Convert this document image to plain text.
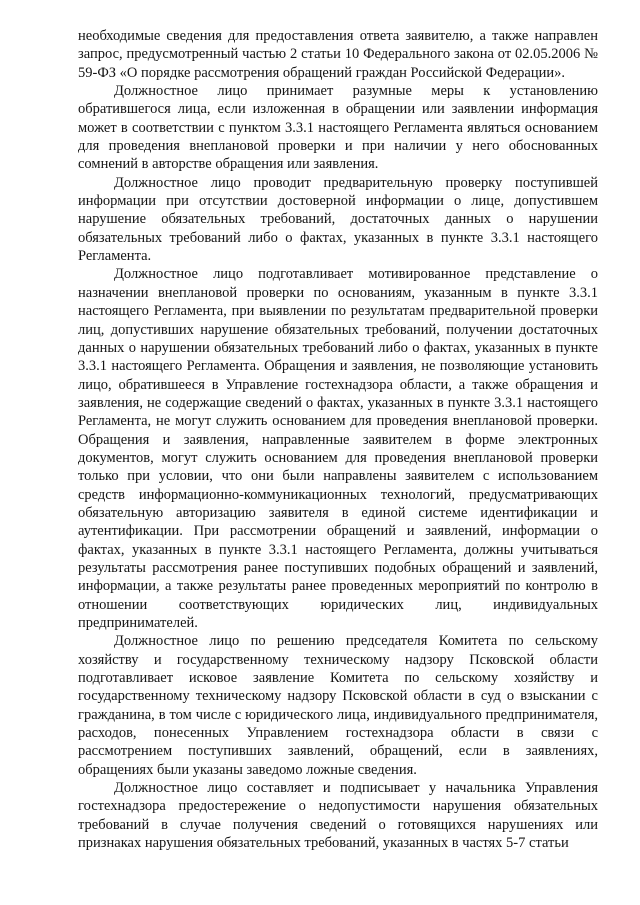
необходимые сведения для предоставления ответа заявителю, а также направлен запрос, предусмотренный частью 2 статьи 10 Федерального закона от 02.05.2006 № 59-ФЗ «О порядке рассмотрения обращений граждан Российской Федерации».

Должностное лицо принимает разумные меры к установлению обратившегося лица, если изложенная в обращении или заявлении информация может в соответствии с пунктом 3.3.1 настоящего Регламента являться основанием для проведения внеплановой проверки и при наличии у него обоснованных сомнений в авторстве обращения или заявления.

Должностное лицо проводит предварительную проверку поступившей информации при отсутствии достоверной информации о лице, допустившем нарушение обязательных требований, достаточных данных о нарушении обязательных требований либо о фактах, указанных в пункте 3.3.1 настоящего Регламента.

Должностное лицо подготавливает мотивированное представление о назначении внеплановой проверки по основаниям, указанным в пункте 3.3.1 настоящего Регламента, при выявлении по результатам предварительной проверки лиц, допустивших нарушение обязательных требований, получении достаточных данных о нарушении обязательных требований либо о фактах, указанных в пункте 3.3.1 настоящего Регламента. Обращения и заявления, не позволяющие установить лицо, обратившееся в Управление гостехнадзора области, а также обращения и заявления, не содержащие сведений о фактах, указанных в пункте 3.3.1 настоящего Регламента, не могут служить основанием для проведения внеплановой проверки. Обращения и заявления, направленные заявителем в форме электронных документов, могут служить основанием для проведения внеплановой проверки только при условии, что они были направлены заявителем с использованием средств информационно-коммуникационных технологий, предусматривающих обязательную авторизацию заявителя в единой системе идентификации и аутентификации. При рассмотрении обращений и заявлений, информации о фактах, указанных в пункте 3.3.1 настоящего Регламента, должны учитываться результаты рассмотрения ранее поступивших подобных обращений и заявлений, информации, а также результаты ранее проведенных мероприятий по контролю в отношении соответствующих юридических лиц, индивидуальных предпринимателей.

Должностное лицо по решению председателя Комитета по сельскому хозяйству и государственному техническому надзору Псковской области подготавливает исковое заявление Комитета по сельскому хозяйству и государственному техническому надзору Псковской области в суд о взыскании с гражданина, в том числе с юридического лица, индивидуального предпринимателя, расходов, понесенных Управлением гостехнадзора области в связи с рассмотрением поступивших заявлений, обращений, если в заявлениях, обращениях были указаны заведомо ложные сведения.

Должностное лицо составляет и подписывает у начальника Управления гостехнадзора предостережение о недопустимости нарушения обязательных требований в случае получения сведений о готовящихся нарушениях или признаках нарушения обязательных требований, указанных в частях 5-7 статьи
